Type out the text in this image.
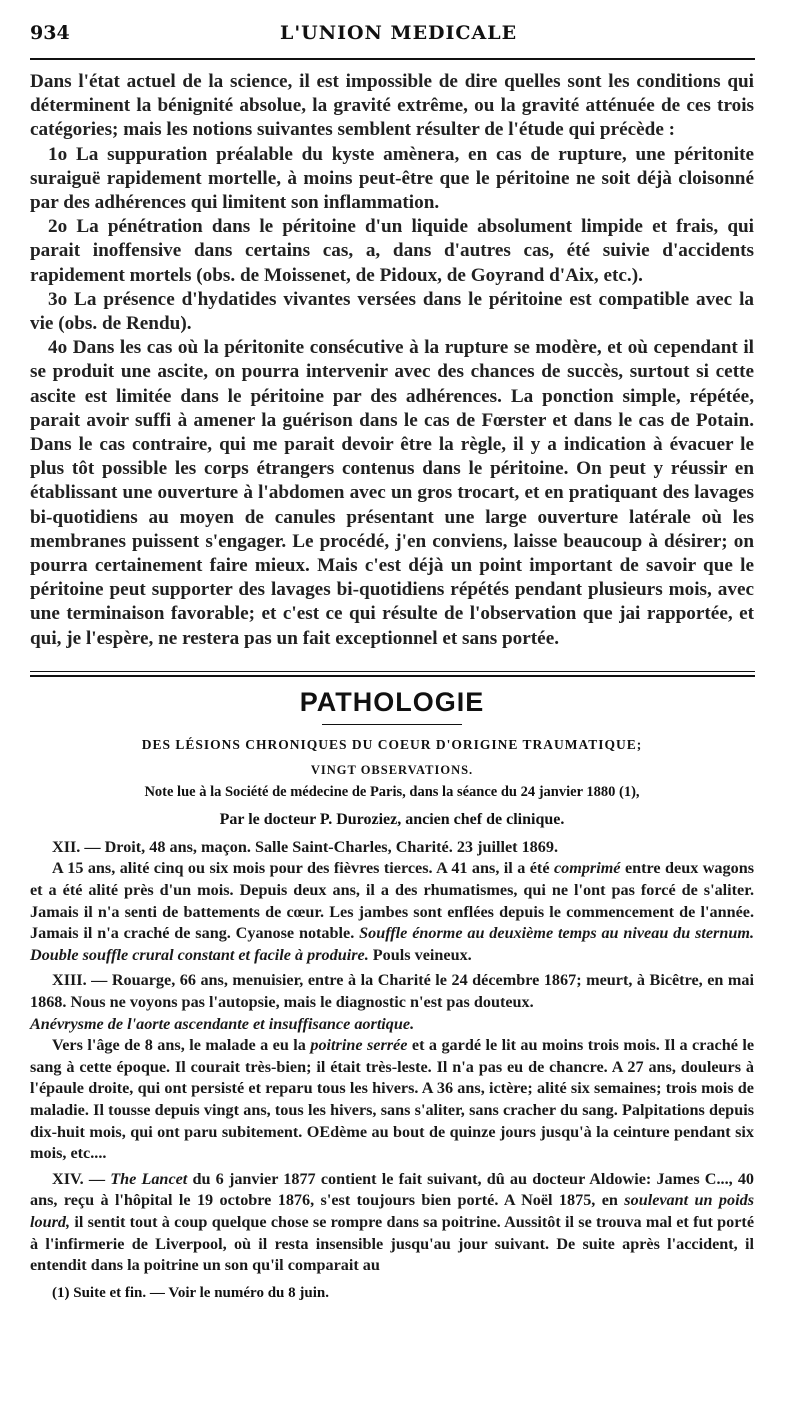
934	L'UNION MEDICALE
Dans l'état actuel de la science, il est impossible de dire quelles sont les conditions qui déterminent la bénignité absolue, la gravité extrême, ou la gravité atténuée de ces trois catégories; mais les notions suivantes semblent résulter de l'étude qui précède :
1o La suppuration préalable du kyste amènera, en cas de rupture, une péritonite suraiguë rapidement mortelle, à moins peut-être que le péritoine ne soit déjà cloisonné par des adhérences qui limitent son inflammation.
2o La pénétration dans le péritoine d'un liquide absolument limpide et frais, qui parait inoffensive dans certains cas, a, dans d'autres cas, été suivie d'accidents rapidement mortels (obs. de Moissenet, de Pidoux, de Goyrand d'Aix, etc.).
3o La présence d'hydatides vivantes versées dans le péritoine est compatible avec la vie (obs. de Rendu).
4o Dans les cas où la péritonite consécutive à la rupture se modère, et où cependant il se produit une ascite, on pourra intervenir avec des chances de succès, surtout si cette ascite est limitée dans le péritoine par des adhérences. La ponction simple, répétée, parait avoir suffi à amener la guérison dans le cas de Fœrster et dans le cas de Potain. Dans le cas contraire, qui me parait devoir être la règle, il y a indication à évacuer le plus tôt possible les corps étrangers contenus dans le péritoine. On peut y réussir en établissant une ouverture à l'abdomen avec un gros trocart, et en pratiquant des lavages bi-quotidiens au moyen de canules présentant une large ouverture latérale où les membranes puissent s'engager. Le procédé, j'en conviens, laisse beaucoup à désirer; on pourra certainement faire mieux. Mais c'est déjà un point important de savoir que le péritoine peut supporter des lavages bi-quotidiens répétés pendant plusieurs mois, avec une terminaison favorable; et c'est ce qui résulte de l'observation que jai rapportée, et qui, je l'espère, ne restera pas un fait exceptionnel et sans portée.
PATHOLOGIE
DES LÉSIONS CHRONIQUES DU COEUR D'ORIGINE TRAUMATIQUE;
VINGT OBSERVATIONS.
Note lue à la Société de médecine de Paris, dans la séance du 24 janvier 1880 (1),
Par le docteur P. Duroziez, ancien chef de clinique.
XII. — Droit, 48 ans, maçon. Salle Saint-Charles, Charité. 23 juillet 1869.
A 15 ans, alité cinq ou six mois pour des fièvres tierces. A 41 ans, il a été comprimé entre deux wagons et a été alité près d'un mois. Depuis deux ans, il a des rhumatismes, qui ne l'ont pas forcé de s'aliter. Jamais il n'a senti de battements de cœur. Les jambes sont enflées depuis le commencement de l'année. Jamais il n'a craché de sang. Cyanose notable. Souffle énorme au deuxième temps au niveau du sternum. Double souffle crural constant et facile à produire. Pouls veineux.
XIII. — Rouarge, 66 ans, menuisier, entre à la Charité le 24 décembre 1867; meurt, à Bicêtre, en mai 1868. Nous ne voyons pas l'autopsie, mais le diagnostic n'est pas douteux.
Anévrysme de l'aorte ascendante et insuffisance aortique.
Vers l'âge de 8 ans, le malade a eu la poitrine serrée et a gardé le lit au moins trois mois. Il a craché le sang à cette époque. Il courait très-bien; il était très-leste. Il n'a pas eu de chancre. A 27 ans, douleurs à l'épaule droite, qui ont persisté et reparu tous les hivers. A 36 ans, ictère; alité six semaines; trois mois de maladie. Il tousse depuis vingt ans, tous les hivers, sans s'aliter, sans cracher du sang. Palpitations depuis dix-huit mois, qui ont paru subitement. OEdème au bout de quinze jours jusqu'à la ceinture pendant six mois, etc....
XIV. — The Lancet du 6 janvier 1877 contient le fait suivant, dû au docteur Aldowie: James C..., 40 ans, reçu à l'hôpital le 19 octobre 1876, s'est toujours bien porté. A Noël 1875, en soulevant un poids lourd, il sentit tout à coup quelque chose se rompre dans sa poitrine. Aussitôt il se trouva mal et fut porté à l'infirmerie de Liverpool, où il resta insensible jusqu'au jour suivant. De suite après l'accident, il entendit dans la poitrine un son qu'il comparait au
(1) Suite et fin. — Voir le numéro du 8 juin.
